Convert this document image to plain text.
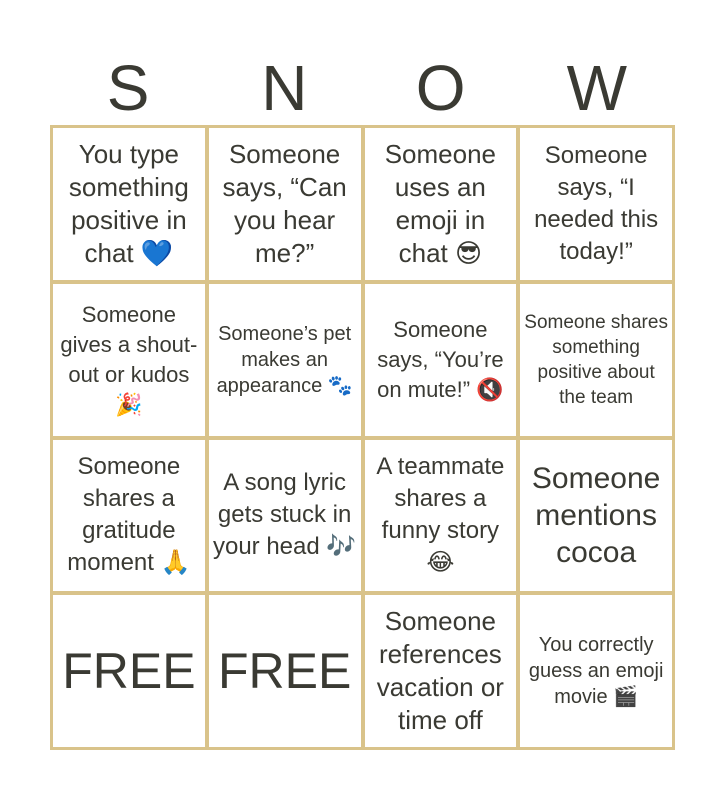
S	N	O	W
You type something positive in chat 💙
Someone says, “Can you hear me?”
Someone uses an emoji in chat 😎
Someone says, “I needed this today!”
Someone gives a shout-out or kudos 🎉
Someone’s pet makes an appearance 🐾
Someone says, “You’re on mute!” 🔇
Someone shares something positive about the team
Someone shares a gratitude moment 🙏
A song lyric gets stuck in your head 🎶
A teammate shares a funny story 😂
Someone mentions cocoa
FREE FREE
Someone references vacation or time off
You correctly guess an emoji movie 🎬
